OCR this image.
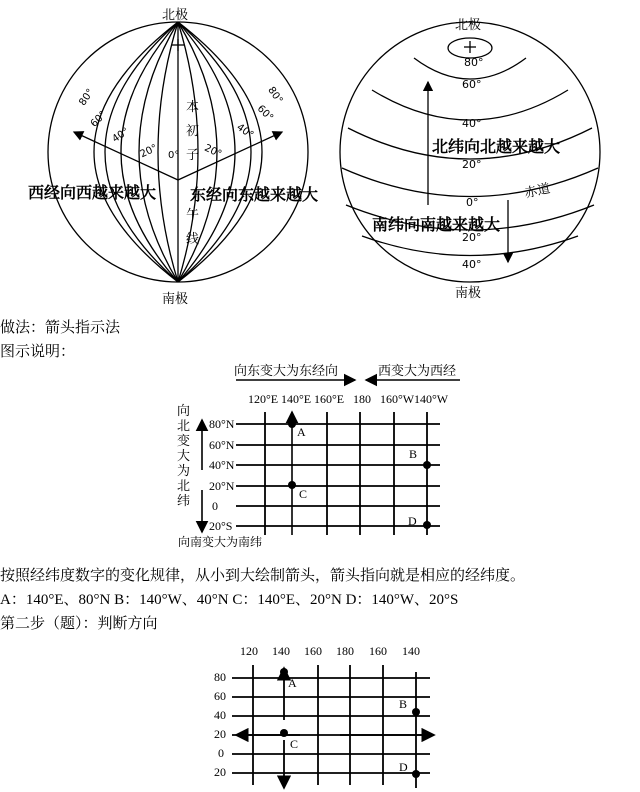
北极
南极
本
初
子
午
线
0°
80°
60°
40°
20°	20°
40°
60°
80°
西经向西越来越大 东经向东越来越大
北极
南极
80°
60°
40°
20°
0°
20°
40°
赤道
北纬向北越来越大
南纬向南越来越大
做法：箭头指示法
图示说明：
向东变大为东经向	西变大为西经
120°E 140°E 160°E 180 160°W 140°W
80°N
60°N
40°N
20°N
0
20°S
向北变大为北纬
向南变大为南纬
A
B
C
D
按照经纬度数字的变化规律，从小到大绘制箭头，箭头指向就是相应的经纬度。
A：140°E、80°N B：140°W、40°N C：140°E、20°N D：140°W、20°S
第二步（题）：判断方向
120 140 160 180 160 140
80
60
40
20
0
20
A
B
C
D
